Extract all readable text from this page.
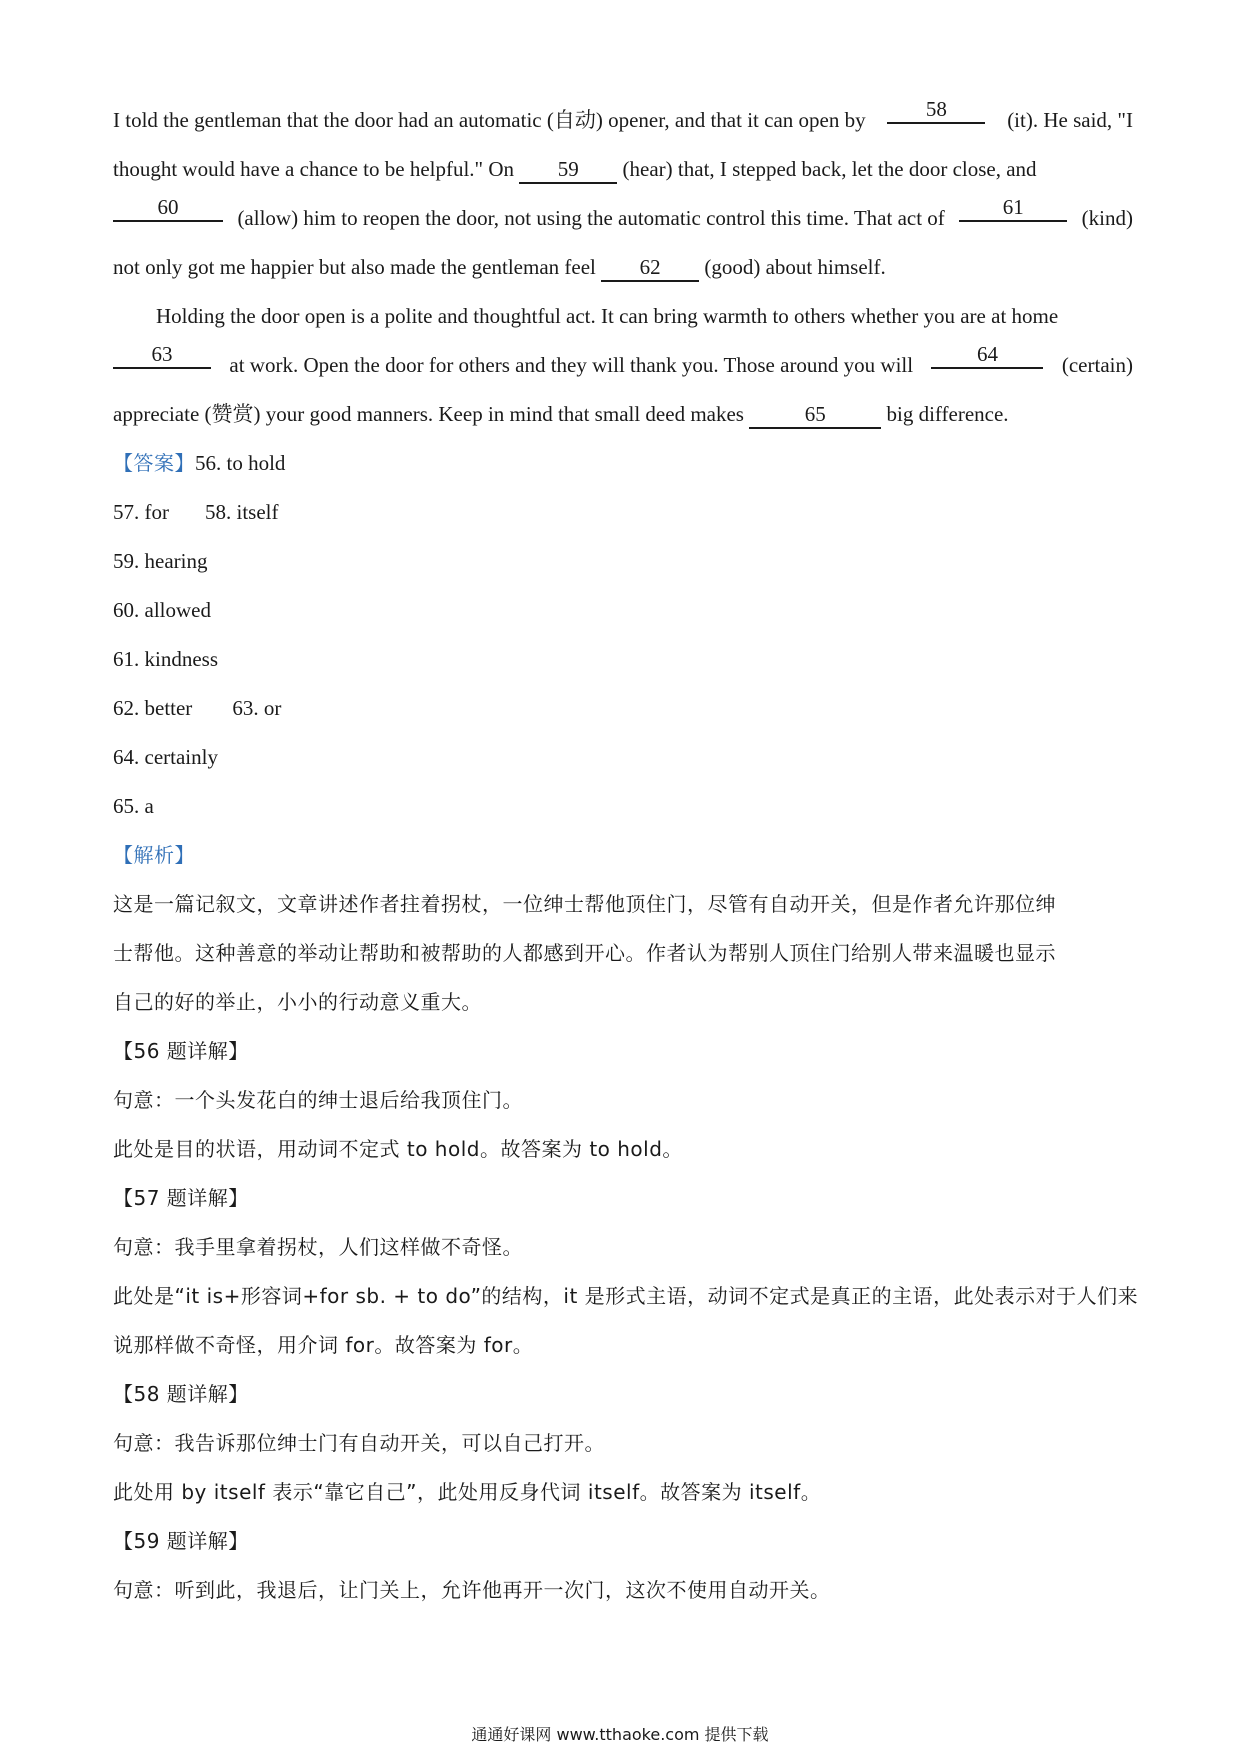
I told the gentleman that the door had an automatic (自动) opener, and that it can open by	58	(it). He said, "I
thought would have a chance to be helpful." On 59 (hear) that, I stepped back, let the door close, and
60	(allow) him to reopen the door, not using the automatic control this time. That act of	61	(kind)
not only got me happier but also made the gentleman feel 62 (good) about himself.
Holding the door open is a polite and thoughtful act. It can bring warmth to others whether you are at home
63	at work. Open the door for others and they will thank you. Those around you will	64	(certain)
appreciate (赞赏) your good manners. Keep in mind that small deed makes	65	big difference.
【答案】56. to hold
57. for 58. itself
59. hearing
60. allowed
61. kindness
62. better 63. or
64. certainly
65. a
【解析】
这是一篇记叙文，文章讲述作者拄着拐杖，一位绅士帮他顶住门，尽管有自动开关，但是作者允许那位绅
士帮他。这种善意的举动让帮助和被帮助的人都感到开心。作者认为帮别人顶住门给别人带来温暖也显示
自己的好的举止，小小的行动意义重大。
【56 题详解】
句意：一个头发花白的绅士退后给我顶住门。
此处是目的状语，用动词不定式 to hold。故答案为 to hold。
【57 题详解】
句意：我手里拿着拐杖，人们这样做不奇怪。
此处是“it is+形容词+for sb. + to do”的结构，it 是形式主语，动词不定式是真正的主语，此处表示对于人们来
说那样做不奇怪，用介词 for。故答案为 for。
【58 题详解】
句意：我告诉那位绅士门有自动开关，可以自己打开。
此处用 by itself 表示“靠它自己”，此处用反身代词 itself。故答案为 itself。
【59 题详解】
句意：听到此，我退后，让门关上，允许他再开一次门，这次不使用自动开关。
通通好课网 www.tthaoke.com 提供下载
